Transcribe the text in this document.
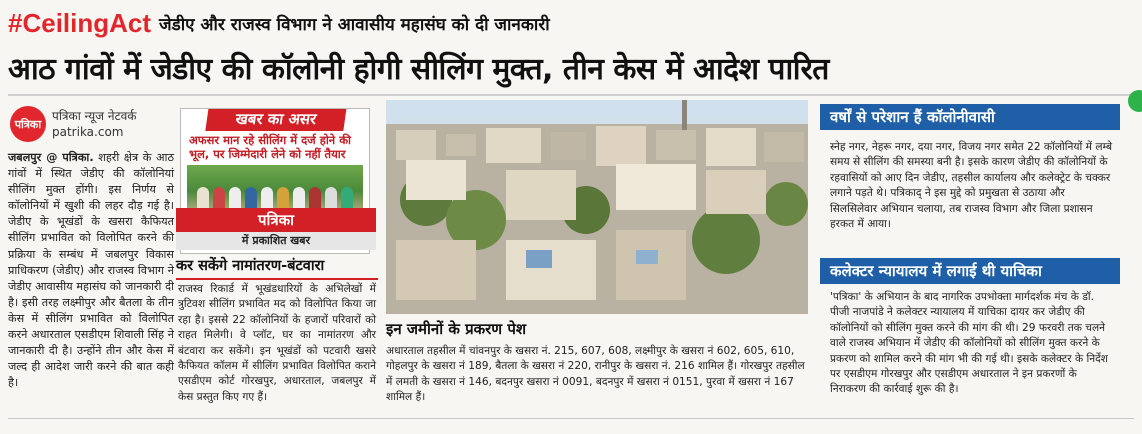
#CeilingAct जेडीए और राजस्व विभाग ने आवासीय महासंघ को दी जानकारी
आठ गांवों में जेडीए की कॉलोनी होगी सीलिंग मुक्त, तीन केस में आदेश पारित
पत्रिका
पत्रिका न्यूज नेटवर्क
patrika.com
जबलपुर @ पत्रिका. शहरी क्षेत्र के आठ गांवों में स्थित जेडीए की कॉलोनियां सीलिंग मुक्त होंगी। इस निर्णय से कॉलोनियों में खुशी की लहर दौड़ गई है। जेडीए के भूखंडों के खसरा कैफियत सीलिंग प्रभावित को विलोपित करने की प्रक्रिया के सम्बंध में जबलपुर विकास प्राधिकरण (जेडीए) और राजस्व विभाग ने जेडीए आवासीय महासंघ को जानकारी दी है। इसी तरह लक्ष्मीपुर और बैतला के तीन केस में सीलिंग प्रभावित को विलोपित करने अधारताल एसडीएम शिवाली सिंह ने जानकारी दी है। उन्होंने तीन और केस में जल्द ही आदेश जारी करने की बात कही है।
खबर का असर
अफसर मान रहे सीलिंग में दर्ज होने की भूल, पर जिम्मेदारी लेने को नहीं तैयार
पत्रिका
में प्रकाशित खबर
कर सकेंगे नामांतरण-बंटवारा
राजस्व रिकार्ड में भूखंडधारियों के अभिलेखों में त्रुटिवश सीलिंग प्रभावित मद को विलोपित किया जा रहा है। इससे 22 कॉलोनियों के हजारों परिवारों को राहत मिलेगी। वे प्लॉट, घर का नामांतरण और बंटवारा कर सकेंगे। इन भूखंडों को पटवारी खसरे कैफियत कॉलम में सीलिंग प्रभावित विलोपित कराने एसडीएम कोर्ट गोरखपुर, अधारताल, जबलपुर में केस प्रस्तुत किए गए हैं।
इन जमीनों के प्रकरण पेश
अधारताल तहसील में चांवनपुर के खसरा नं. 215, 607, 608, लक्ष्मीपुर के खसरा नं 602, 605, 610, गोहलपुर के खसरा नं 189, बैतला के खसरा नं 220, रानीपुर के खसरा नं. 216 शामिल हैं। गोरखपुर तहसील में लमती के खसरा नं 146, बदनपुर खसरा नं 0091, बदनपुर में खसरा नं 0151, पुरवा में खसरा नं 167 शामिल हैं।
वर्षों से परेशान हैं कॉलोनीवासी
स्नेह नगर, नेहरू नगर, दया नगर, विजय नगर समेत 22 कॉलोनियों में लम्बे समय से सीलिंग की समस्या बनी है। इसके कारण जेडीए की कॉलोनियों के रहवासियों को आए दिन जेडीए, तहसील कार्यालय और कलेक्ट्रेट के चक्कर लगाने पड़ते थे। पत्रिकाद् ने इस मुद्दे को प्रमुखता से उठाया और सिलसिलेवार अभियान चलाया, तब राजस्व विभाग और जिला प्रशासन हरकत में आया।
कलेक्टर न्यायालय में लगाई थी याचिका
'पत्रिका' के अभियान के बाद नागरिक उपभोक्ता मार्गदर्शक मंच के डॉ. पीजी नाजपांडे ने कलेक्टर न्यायालय में याचिका दायर कर जेडीए की कॉलोनियों को सीलिंग मुक्त करने की मांग की थी। 29 फरवरी तक चलने वाले राजस्व अभियान में जेडीए की कॉलोनियों को सीलिंग मुक्त करने के प्रकरण को शामिल करने की मांग भी की गई थी। इसके कलेक्टर के निर्देश पर एसडीएम गोरखपुर और एसडीएम अधारताल ने इन प्रकरणों के निराकरण की कार्रवाई शुरू की है।
